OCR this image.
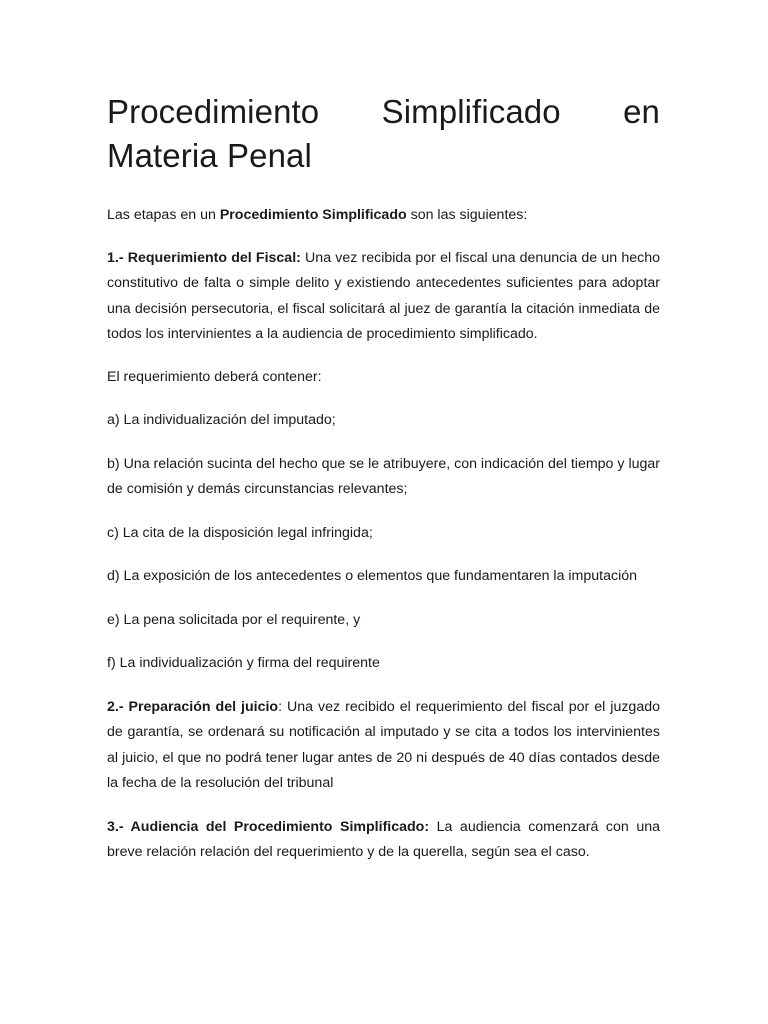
Procedimiento Simplificado en
Materia Penal

Las etapas en un Procedimiento Simplificado son las siguientes:

1.- Requerimiento del Fiscal: Una vez recibida por el fiscal una denuncia de un hecho constitutivo de falta o simple delito y existiendo antecedentes suficientes para adoptar una decisión persecutoria, el fiscal solicitará al juez de garantía la citación inmediata de todos los intervinientes a la audiencia de procedimiento simplificado.

El requerimiento deberá contener:

a) La individualización del imputado;

b) Una relación sucinta del hecho que se le atribuyere, con indicación del tiempo y lugar de comisión y demás circunstancias relevantes;

c) La cita de la disposición legal infringida;

d) La exposición de los antecedentes o elementos que fundamentaren la imputación

e) La pena solicitada por el requirente, y

f) La individualización y firma del requirente

2.- Preparación del juicio: Una vez recibido el requerimiento del fiscal por el juzgado de garantía, se ordenará su notificación al imputado y se cita a todos los intervinientes al juicio, el que no podrá tener lugar antes de 20 ni después de 40 días contados desde la fecha de la resolución del tribunal

3.- Audiencia del Procedimiento Simplificado: La audiencia comenzará con una breve relación relación del requerimiento y de la querella, según sea el caso.
